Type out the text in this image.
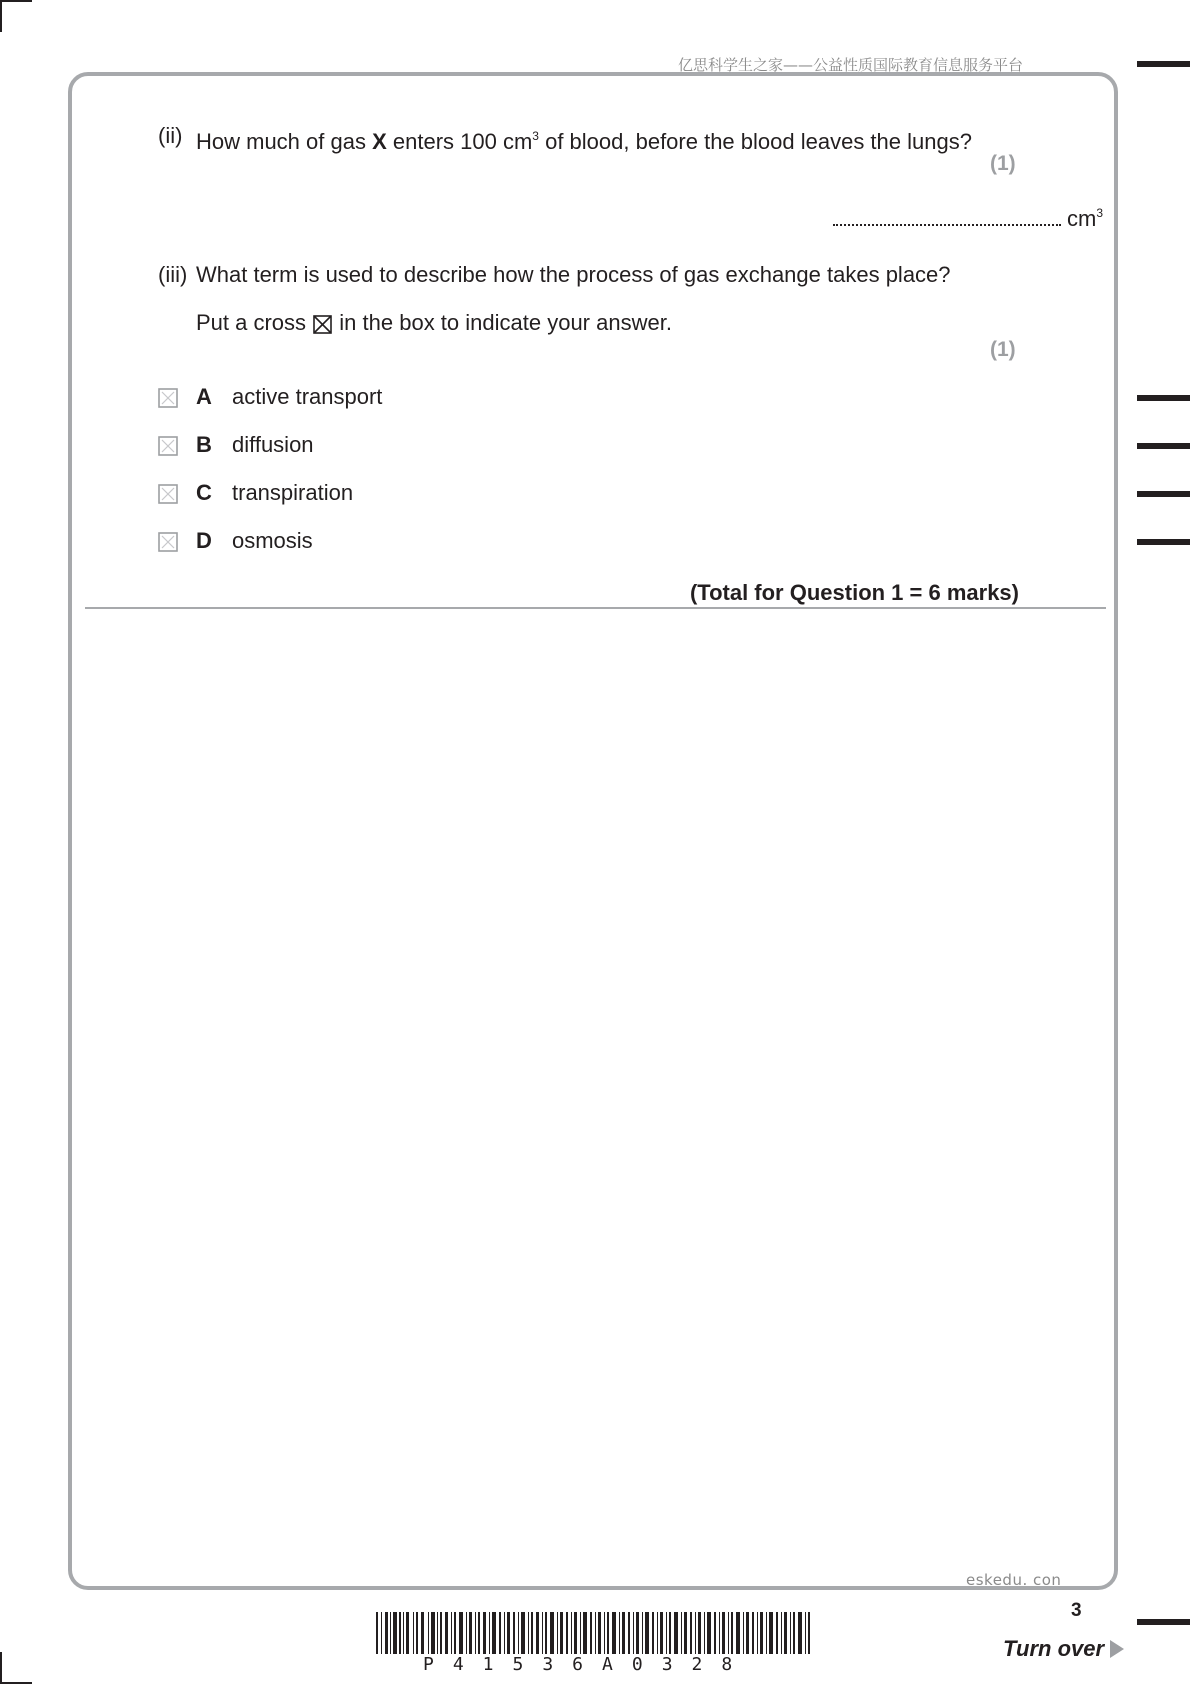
亿思科学生之家——公益性质国际教育信息服务平台
(ii) How much of gas X enters 100 $cm^3$ of blood, before the blood leaves the lungs?
(1)
$cm^3$
(iii) What term is used to describe how the process of gas exchange takes place?
Put a cross ☒ in the box to indicate your answer.
(1)
A active transport
B diffusion
C transpiration
D osmosis
(Total for Question 1 = 6 marks)
eskedu. con
3
P41536A0328
Turn over
